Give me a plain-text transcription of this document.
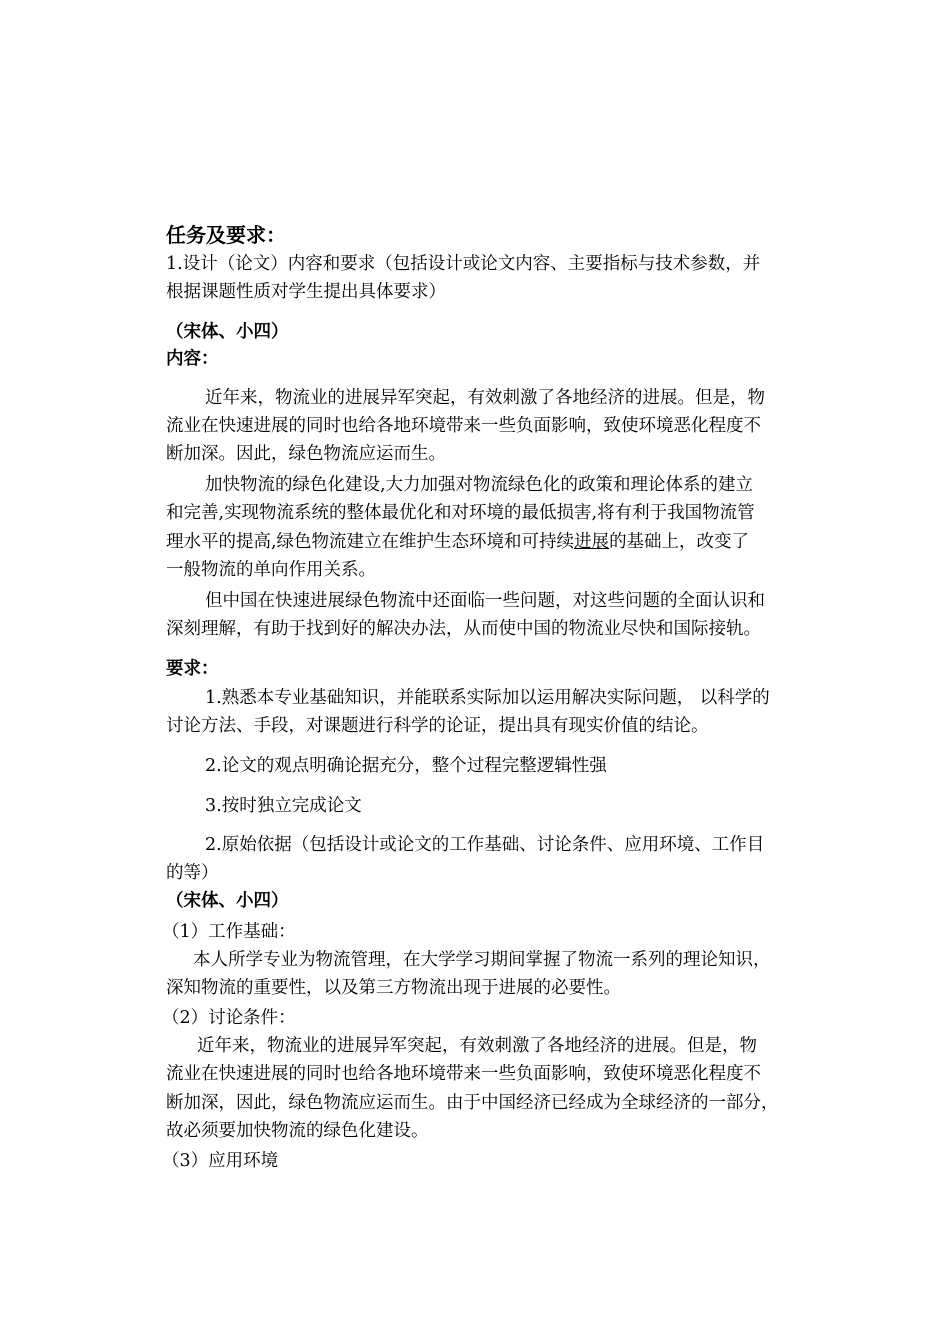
任务及要求：
1.设计（论文）内容和要求（包括设计或论文内容、主要指标与技术参数，并
根据课题性质对学生提出具体要求）
（宋体、小四）
内容：
近年来，物流业的进展异军突起，有效刺激了各地经济的进展。但是，物
流业在快速进展的同时也给各地环境带来一些负面影响，致使环境恶化程度不
断加深。因此，绿色物流应运而生。
加快物流的绿色化建设,大力加强对物流绿色化的政策和理论体系的建立
和完善,实现物流系统的整体最优化和对环境的最低损害,将有利于我国物流管
理水平的提高,绿色物流建立在维护生态环境和可持续进展的基础上，改变了
一般物流的单向作用关系。
但中国在快速进展绿色物流中还面临一些问题，对这些问题的全面认识和
深刻理解，有助于找到好的解决办法，从而使中国的物流业尽快和国际接轨。
要求：
1.熟悉本专业基础知识，并能联系实际加以运用解决实际问题， 以科学的
讨论方法、手段，对课题进行科学的论证，提出具有现实价值的结论。
2.论文的观点明确论据充分，整个过程完整逻辑性强
3.按时独立完成论文
2.原始依据（包括设计或论文的工作基础、讨论条件、应用环境、工作目
的等）
（宋体、小四）
（1）工作基础：
本人所学专业为物流管理，在大学学习期间掌握了物流一系列的理论知识，
深知物流的重要性，以及第三方物流出现于进展的必要性。
（2）讨论条件：
近年来，物流业的进展异军突起，有效刺激了各地经济的进展。但是，物
流业在快速进展的同时也给各地环境带来一些负面影响，致使环境恶化程度不
断加深，因此，绿色物流应运而生。由于中国经济已经成为全球经济的一部分，
故必须要加快物流的绿色化建设。
（3）应用环境
